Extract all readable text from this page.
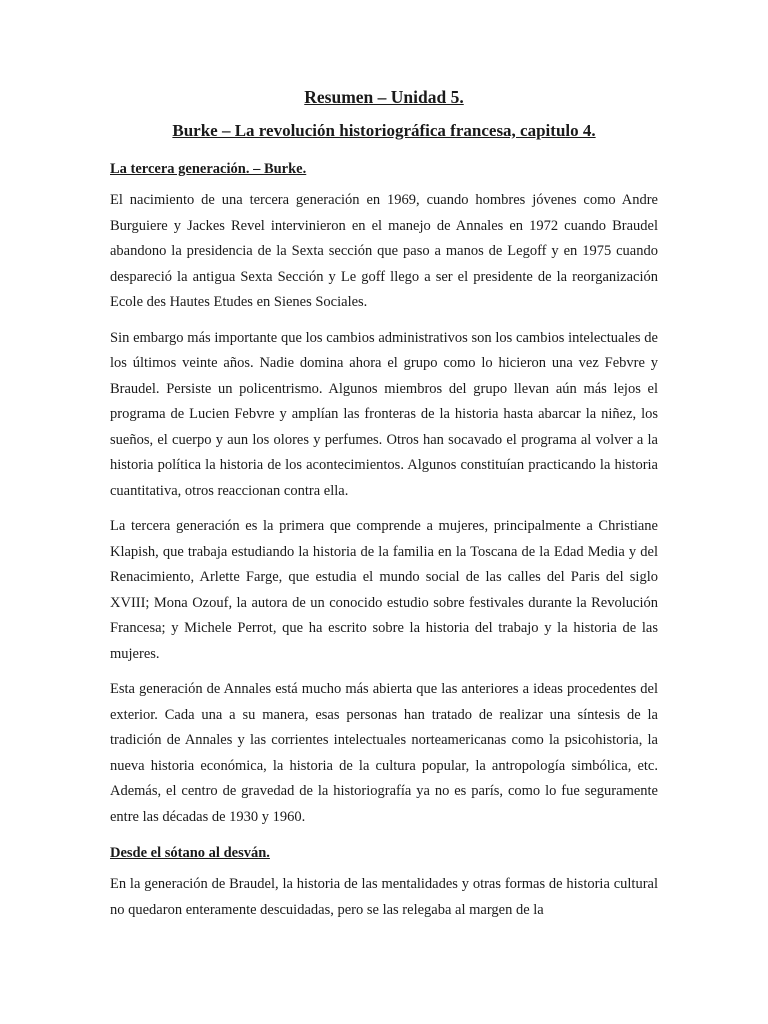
Resumen – Unidad 5.

Burke – La revolución historiográfica francesa, capitulo 4.

La tercera generación. – Burke.

El nacimiento de una tercera generación en 1969, cuando hombres jóvenes como Andre Burguiere y Jackes Revel intervinieron en el manejo de Annales en 1972 cuando Braudel abandono la presidencia de la Sexta sección que paso a manos de Legoff y en 1975 cuando despareció la antigua Sexta Sección y Le goff llego a ser el presidente de la reorganización Ecole des Hautes Etudes en Sienes Sociales.

Sin embargo más importante que los cambios administrativos son los cambios intelectuales de los últimos veinte años. Nadie domina ahora el grupo como lo hicieron una vez Febvre y Braudel. Persiste un policentrismo. Algunos miembros del grupo llevan aún más lejos el programa de Lucien Febvre y amplían las fronteras de la historia hasta abarcar la niñez, los sueños, el cuerpo y aun los olores y perfumes. Otros han socavado el programa al volver a la historia política la historia de los acontecimientos. Algunos constituían practicando la historia cuantitativa, otros reaccionan contra ella.

La tercera generación es la primera que comprende a mujeres, principalmente a Christiane Klapish, que trabaja estudiando la historia de la familia en la Toscana de la Edad Media y del Renacimiento, Arlette Farge, que estudia el mundo social de las calles del Paris del siglo XVIII; Mona Ozouf, la autora de un conocido estudio sobre festivales durante la Revolución Francesa; y Michele Perrot, que ha escrito sobre la historia del trabajo y la historia de las mujeres.

Esta generación de Annales está mucho más abierta que las anteriores a ideas procedentes del exterior. Cada una a su manera, esas personas han tratado de realizar una síntesis de la tradición de Annales y las corrientes intelectuales norteamericanas como la psicohistoria, la nueva historia económica, la historia de la cultura popular, la antropología simbólica, etc. Además, el centro de gravedad de la historiografía ya no es parís, como lo fue seguramente entre las décadas de 1930 y 1960.

Desde el sótano al desván.

En la generación de Braudel, la historia de las mentalidades y otras formas de historia cultural no quedaron enteramente descuidadas, pero se las relegaba al margen de la
